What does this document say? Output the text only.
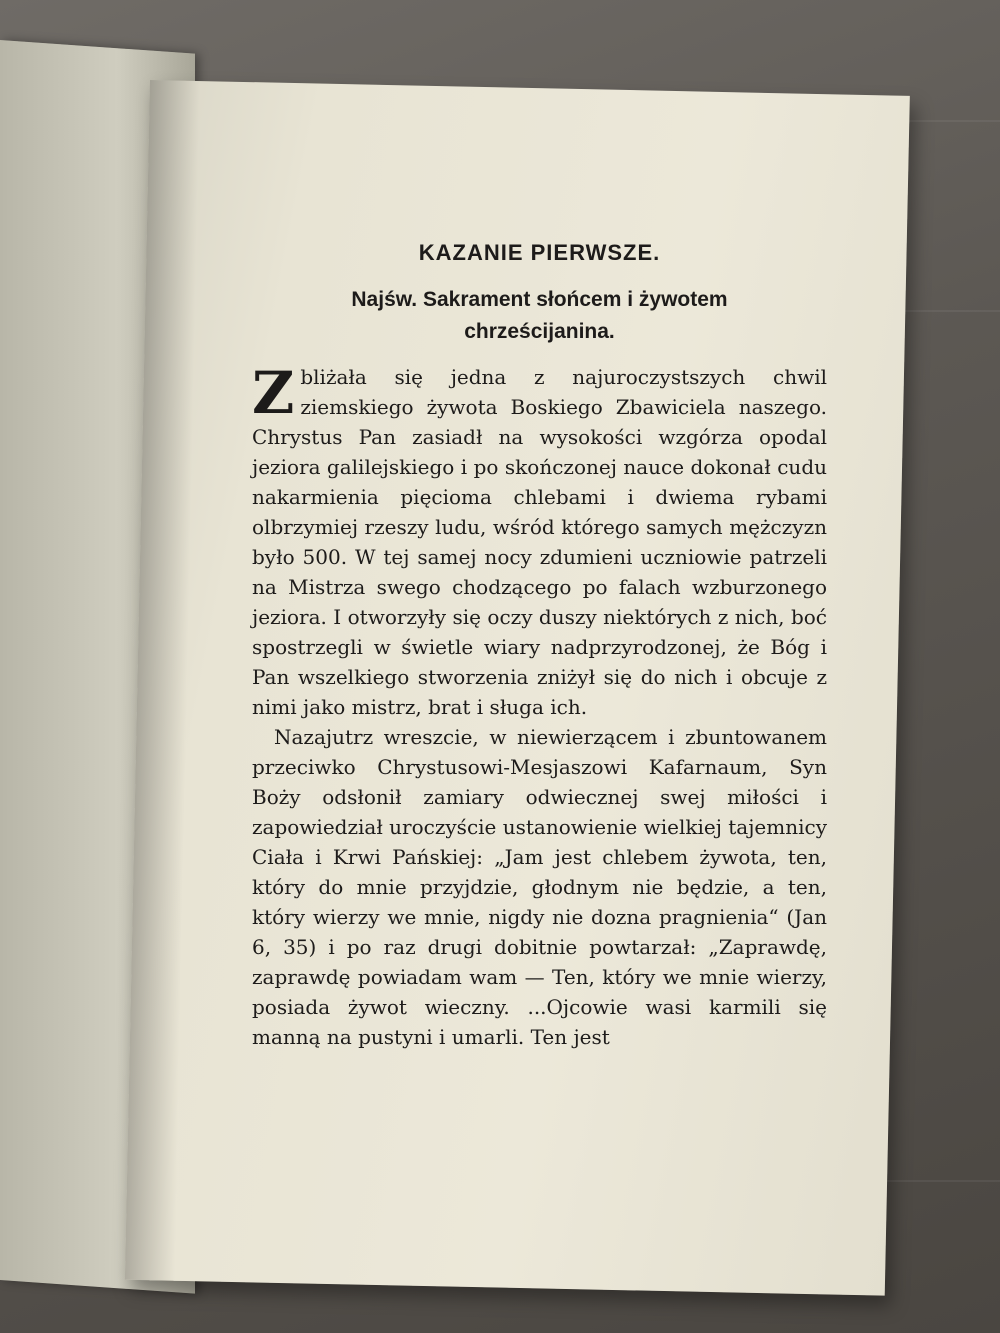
KAZANIE PIERWSZE.
Najśw. Sakrament słońcem i żywotem
chrześcijanina.

Zbliżała się jedna z najuroczystszych chwil ziemskiego żywota Boskiego Zbawiciela naszego. Chrystus Pan zasiadł na wysokości wzgórza opodal jeziora galilejskiego i po skończonej nauce dokonał cudu nakarmienia pięcioma chlebami i dwiema rybami olbrzymiej rzeszy ludu, wśród którego samych mężczyzn było 500. W tej samej nocy zdumieni uczniowie patrzeli na Mistrza swego chodzącego po falach wzburzonego jeziora. I otworzyły się oczy duszy niektórych z nich, boć spostrzegli w świetle wiary nadprzyrodzonej, że Bóg i Pan wszelkiego stworzenia zniżył się do nich i obcuje z nimi jako mistrz, brat i sługa ich.

Nazajutrz wreszcie, w niewierzącem i zbuntowanem przeciwko Chrystusowi-Mesjaszowi Kafarnaum, Syn Boży odsłonił zamiary odwiecznej swej miłości i zapowiedział uroczyście ustanowienie wielkiej tajemnicy Ciała i Krwi Pańskiej: „Jam jest chlebem żywota, ten, który do mnie przyjdzie, głodnym nie będzie, a ten, który wierzy we mnie, nigdy nie dozna pragnienia“ (Jan 6, 35) i po raz drugi dobitnie powtarzał: „Zaprawdę, zaprawdę powiadam wam — Ten, który we mnie wierzy, posiada żywot wieczny. ...Ojcowie wasi karmili się manną na pustyni i umarli. Ten jest
